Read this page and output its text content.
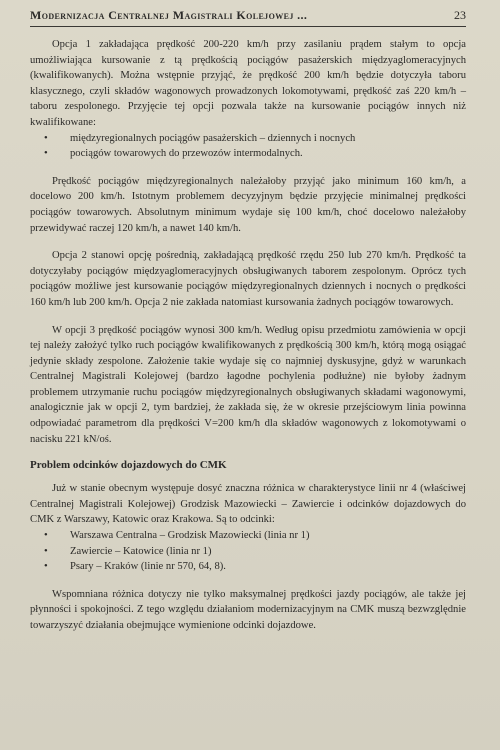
Modernizacja Centralnej Magistrali Kolejowej ...	23

Opcja 1 zakładająca prędkość 200-220 km/h przy zasilaniu prądem stałym to opcja umożliwiająca kursowanie z tą prędkością pociągów pasażerskich międzyaglomeracyjnych (kwalifikowanych). Można wstępnie przyjąć, że prędkość 200 km/h będzie dotyczyła taboru klasycznego, czyli składów wagonowych prowadzonych lokomotywami, prędkość zaś 220 km/h – taboru zespolonego. Przyjęcie tej opcji pozwala także na kursowanie pociągów innych niż kwalifikowane:

• międzyregionalnych pociągów pasażerskich – dziennych i nocnych
• pociągów towarowych do przewozów intermodalnych.

Prędkość pociągów międzyregionalnych należałoby przyjąć jako minimum 160 km/h, a docelowo 200 km/h. Istotnym problemem decyzyjnym będzie przyjęcie minimalnej prędkości pociągów towarowych. Absolutnym minimum wydaje się 100 km/h, choć docelowo należałoby przewidywać raczej 120 km/h, a nawet 140 km/h.

Opcja 2 stanowi opcję pośrednią, zakładającą prędkość rzędu 250 lub 270 km/h. Prędkość ta dotyczyłaby pociągów międzyaglomeracyjnych obsługiwanych taborem zespolonym. Oprócz tych pociągów możliwe jest kursowanie pociągów międzyregionalnych dziennych i nocnych o prędkości 160 km/h lub 200 km/h. Opcja 2 nie zakłada natomiast kursowania żadnych pociągów towarowych.

W opcji 3 prędkość pociągów wynosi 300 km/h. Według opisu przedmiotu zamówienia w opcji tej należy założyć tylko ruch pociągów kwalifikowanych z prędkością 300 km/h, którą mogą osiągać jedynie składy zespolone. Założenie takie wydaje się co najmniej dyskusyjne, gdyż w warunkach Centralnej Magistrali Kolejowej (bardzo łagodne pochylenia podłużne) nie byłoby żadnym problemem utrzymanie ruchu pociągów międzyregionalnych obsługiwanych składami wagonowymi, analogicznie jak w opcji 2, tym bardziej, że zakłada się, że w okresie przejściowym linia powinna odpowiadać parametrom dla prędkości V=200 km/h dla składów wagonowych z lokomotywami o nacisku 221 kN/oś.

Problem odcinków dojazdowych do CMK

Już w stanie obecnym występuje dosyć znaczna różnica w charakterystyce linii nr 4 (właściwej Centralnej Magistrali Kolejowej) Grodzisk Mazowiecki – Zawiercie i odcinków dojazdowych do CMK z Warszawy, Katowic oraz Krakowa. Są to odcinki:

• Warszawa Centralna – Grodzisk Mazowiecki (linia nr 1)
• Zawiercie – Katowice (linia nr 1)
• Psary – Kraków (linie nr 570, 64, 8).

Wspomniana różnica dotyczy nie tylko maksymalnej prędkości jazdy pociągów, ale także jej płynności i spokojności. Z tego względu działaniom modernizacyjnym na CMK muszą bezwzględnie towarzyszyć działania obejmujące wymienione odcinki dojazdowe.
